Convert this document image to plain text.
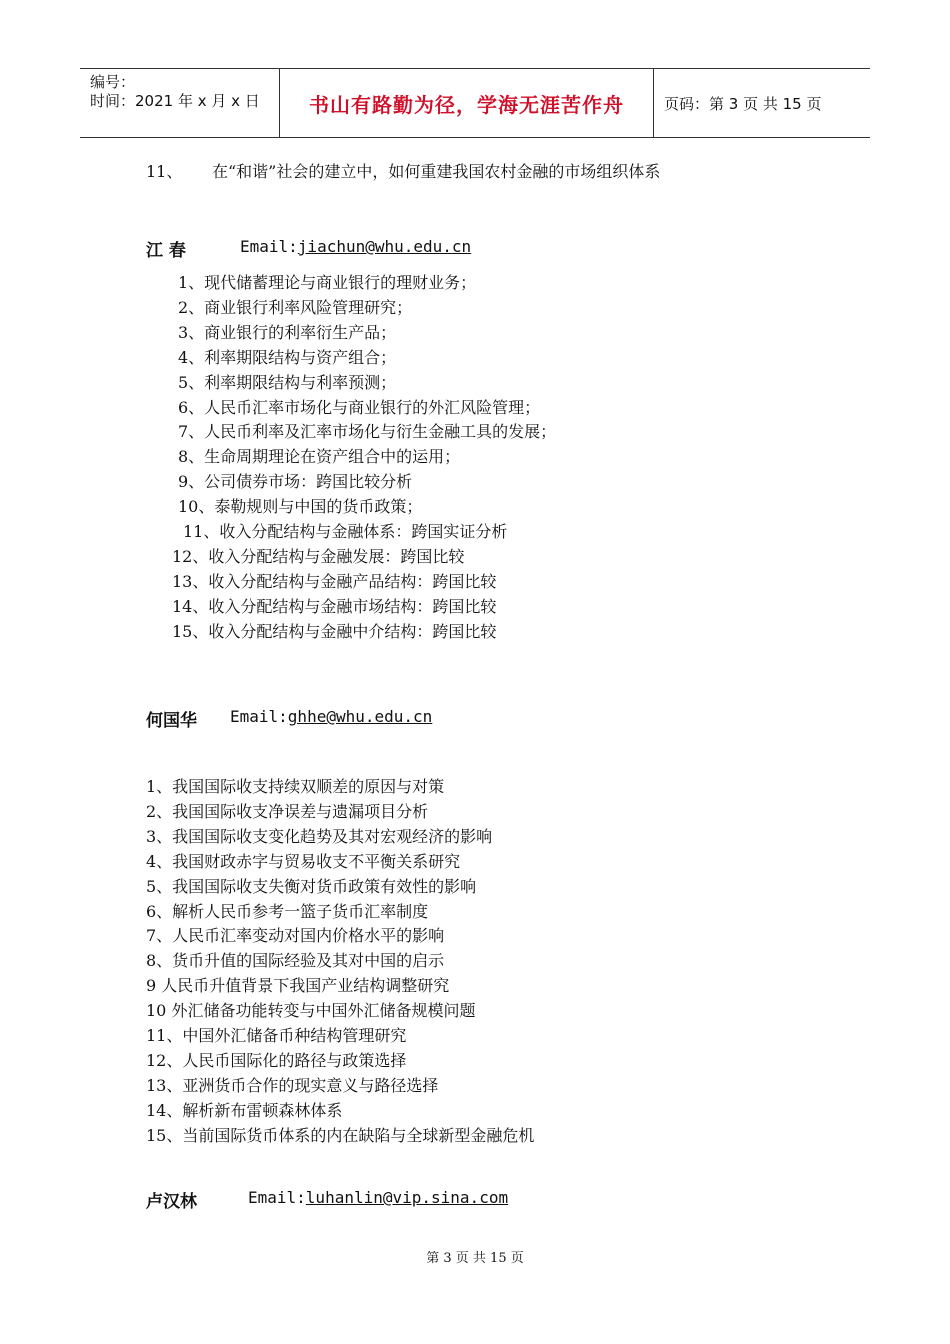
编号：
时间：2021 年 x 月 x 日	书山有路勤为径，学海无涯苦作舟	页码：第 3 页 共 15 页
11、 在“和谐”社会的建立中，如何重建我国农村金融的市场组织体系
江 春	Email:jiachun@whu.edu.cn
1、现代储蓄理论与商业银行的理财业务；
2、商业银行利率风险管理研究；
3、商业银行的利率衍生产品；
4、利率期限结构与资产组合；
5、利率期限结构与利率预测；
6、人民币汇率市场化与商业银行的外汇风险管理；
7、人民币利率及汇率市场化与衍生金融工具的发展；
8、生命周期理论在资产组合中的运用；
9、公司债券市场：跨国比较分析
10、泰勒规则与中国的货币政策；
11、收入分配结构与金融体系：跨国实证分析
12、收入分配结构与金融发展：跨国比较
13、收入分配结构与金融产品结构：跨国比较
14、收入分配结构与金融市场结构：跨国比较
15、收入分配结构与金融中介结构：跨国比较
何国华 Email:ghhe@whu.edu.cn
1、我国国际收支持续双顺差的原因与对策
2、我国国际收支净误差与遗漏项目分析
3、我国国际收支变化趋势及其对宏观经济的影响
4、我国财政赤字与贸易收支不平衡关系研究
5、我国国际收支失衡对货币政策有效性的影响
6、解析人民币参考一篮子货币汇率制度
7、人民币汇率变动对国内价格水平的影响
8、货币升值的国际经验及其对中国的启示
9 人民币升值背景下我国产业结构调整研究
10 外汇储备功能转变与中国外汇储备规模问题
11、中国外汇储备币种结构管理研究
12、人民币国际化的路径与政策选择
13、亚洲货币合作的现实意义与路径选择
14、解析新布雷顿森林体系
15、当前国际货币体系的内在缺陷与全球新型金融危机
卢汉林	Email:luhanlin@vip.sina.com
第 3 页 共 15 页
